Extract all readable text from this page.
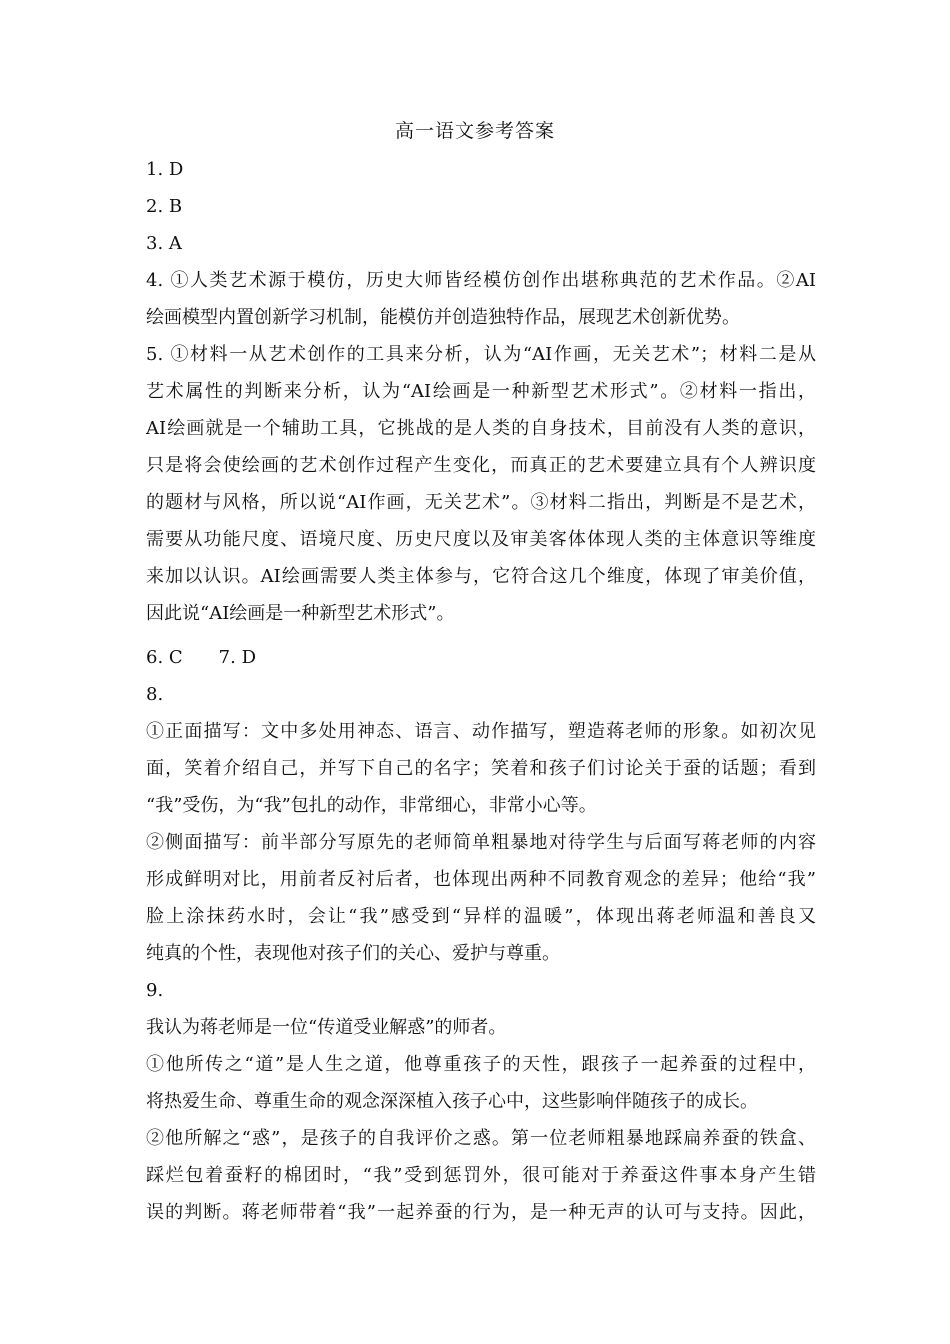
高一语文参考答案
1. D
2. B
3. A
4. ①人类艺术源于模仿，历史大师皆经模仿创作出堪称典范的艺术作品。②AI
绘画模型内置创新学习机制，能模仿并创造独特作品，展现艺术创新优势。
5. ①材料一从艺术创作的工具来分析，认为“AI作画，无关艺术”；材料二是从
艺术属性的判断来分析，认为“AI绘画是一种新型艺术形式”。②材料一指出，
AI绘画就是一个辅助工具，它挑战的是人类的自身技术，目前没有人类的意识，
只是将会使绘画的艺术创作过程产生变化，而真正的艺术要建立具有个人辨识度
的题材与风格，所以说“AI作画，无关艺术”。③材料二指出，判断是不是艺术，
需要从功能尺度、语境尺度、历史尺度以及审美客体体现人类的主体意识等维度
来加以认识。AI绘画需要人类主体参与，它符合这几个维度，体现了审美价值，
因此说“AI绘画是一种新型艺术形式”。
6. C　　7. D
8.
①正面描写：文中多处用神态、语言、动作描写，塑造蒋老师的形象。如初次见
面，笑着介绍自己，并写下自己的名字；笑着和孩子们讨论关于蚕的话题；看到
“我”受伤，为“我”包扎的动作，非常细心，非常小心等。
②侧面描写：前半部分写原先的老师简单粗暴地对待学生与后面写蒋老师的内容
形成鲜明对比，用前者反衬后者，也体现出两种不同教育观念的差异；他给“我”
脸上涂抹药水时，会让“我”感受到“异样的温暖”，体现出蒋老师温和善良又
纯真的个性，表现他对孩子们的关心、爱护与尊重。
9.
我认为蒋老师是一位“传道受业解惑”的师者。
①他所传之“道”是人生之道，他尊重孩子的天性，跟孩子一起养蚕的过程中，
将热爱生命、尊重生命的观念深深植入孩子心中，这些影响伴随孩子的成长。
②他所解之“惑”，是孩子的自我评价之惑。第一位老师粗暴地踩扁养蚕的铁盒、
踩烂包着蚕籽的棉团时，“我”受到惩罚外，很可能对于养蚕这件事本身产生错
误的判断。蒋老师带着“我”一起养蚕的行为，是一种无声的认可与支持。因此，
